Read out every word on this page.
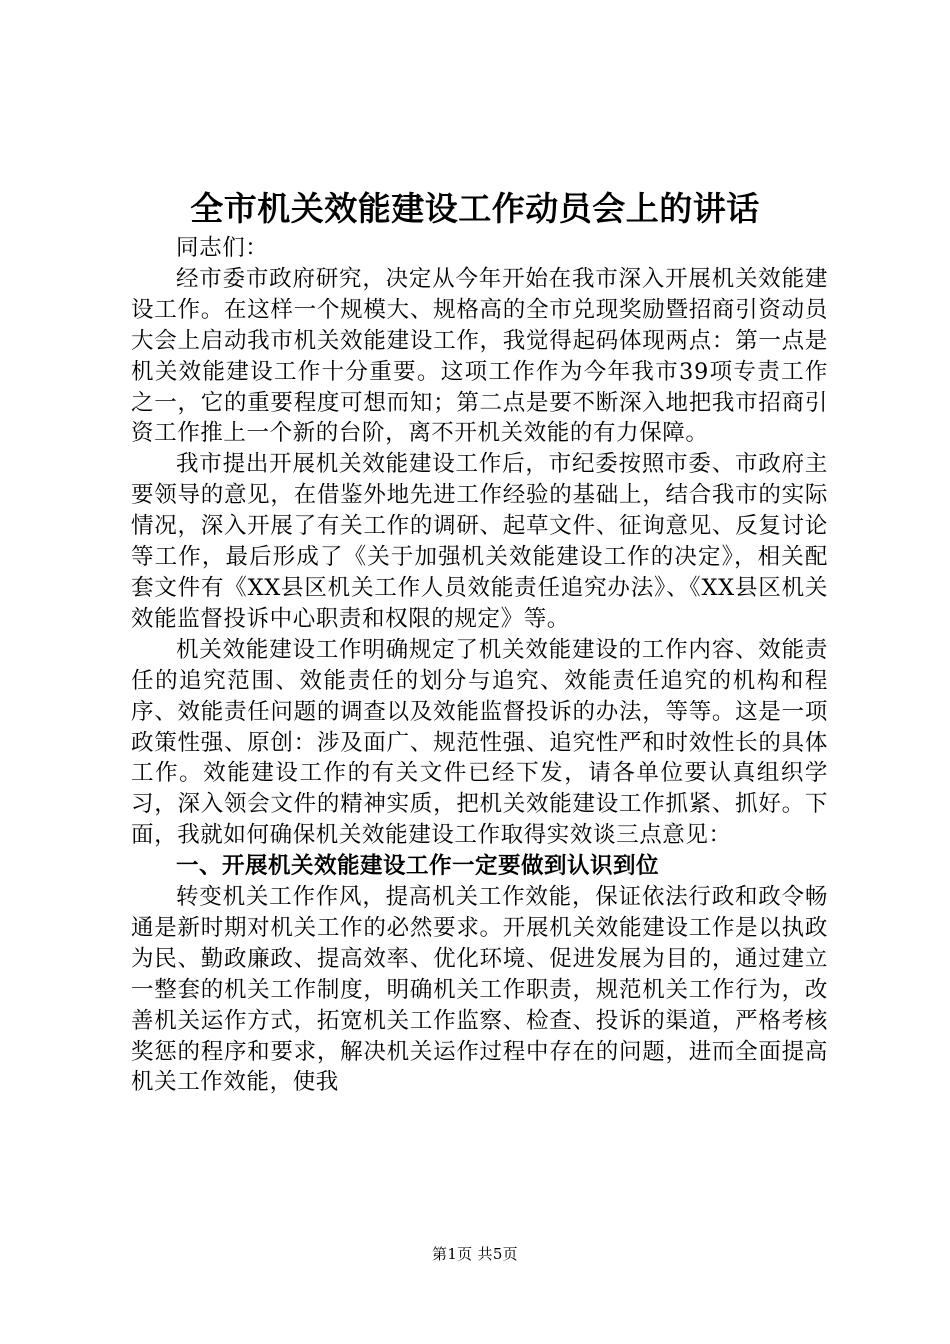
全市机关效能建设工作动员会上的讲话

同志们：

经市委市政府研究，决定从今年开始在我市深入开展机关效能建设工作。在这样一个规模大、规格高的全市兑现奖励暨招商引资动员大会上启动我市机关效能建设工作，我觉得起码体现两点：第一点是机关效能建设工作十分重要。这项工作作为今年我市39项专责工作之一，它的重要程度可想而知；第二点是要不断深入地把我市招商引资工作推上一个新的台阶，离不开机关效能的有力保障。

我市提出开展机关效能建设工作后，市纪委按照市委、市政府主要领导的意见，在借鉴外地先进工作经验的基础上，结合我市的实际情况，深入开展了有关工作的调研、起草文件、征询意见、反复讨论等工作，最后形成了《关于加强机关效能建设工作的决定》，相关配套文件有《XX县区机关工作人员效能责任追究办法》、《XX县区机关效能监督投诉中心职责和权限的规定》等。

机关效能建设工作明确规定了机关效能建设的工作内容、效能责任的追究范围、效能责任的划分与追究、效能责任追究的机构和程序、效能责任问题的调查以及效能监督投诉的办法，等等。这是一项政策性强、原创：涉及面广、规范性强、追究性严和时效性长的具体工作。效能建设工作的有关文件已经下发，请各单位要认真组织学习，深入领会文件的精神实质，把机关效能建设工作抓紧、抓好。下面，我就如何确保机关效能建设工作取得实效谈三点意见：

一、开展机关效能建设工作一定要做到认识到位

转变机关工作作风，提高机关工作效能，保证依法行政和政令畅通是新时期对机关工作的必然要求。开展机关效能建设工作是以执政为民、勤政廉政、提高效率、优化环境、促进发展为目的，通过建立一整套的机关工作制度，明确机关工作职责，规范机关工作行为，改善机关运作方式，拓宽机关工作监察、检查、投诉的渠道，严格考核奖惩的程序和要求，解决机关运作过程中存在的问题，进而全面提高机关工作效能，使我

第1页 共5页
